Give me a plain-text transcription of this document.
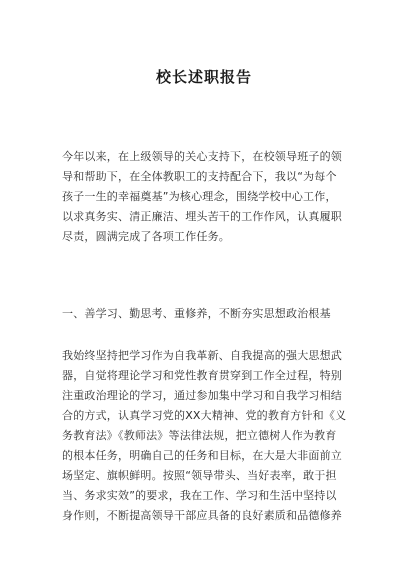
校长述职报告
今年以来，在上级领导的关心支持下，在校领导班子的领
导和帮助下，在全体教职工的支持配合下，我以“为每个
孩子一生的幸福奠基”为核心理念，围绕学校中心工作，
以求真务实、清正廉洁、埋头苦干的工作作风，认真履职
尽责，圆满完成了各项工作任务。
一、善学习、勤思考、重修养，不断夯实思想政治根基
我始终坚持把学习作为自我革新、自我提高的强大思想武
器，自觉将理论学习和党性教育贯穿到工作全过程，特别
注重政治理论的学习，通过参加集中学习和自我学习相结
合的方式，认真学习党的XX大精神、党的教育方针和《义
务教育法》《教师法》等法律法规，把立德树人作为教育
的根本任务，明确自己的任务和目标，在大是大非面前立
场坚定、旗帜鲜明。按照“领导带头、当好表率，敢于担
当、务求实效”的要求，我在工作、学习和生活中坚持以
身作则，不断提高领导干部应具备的良好素质和品德修养
